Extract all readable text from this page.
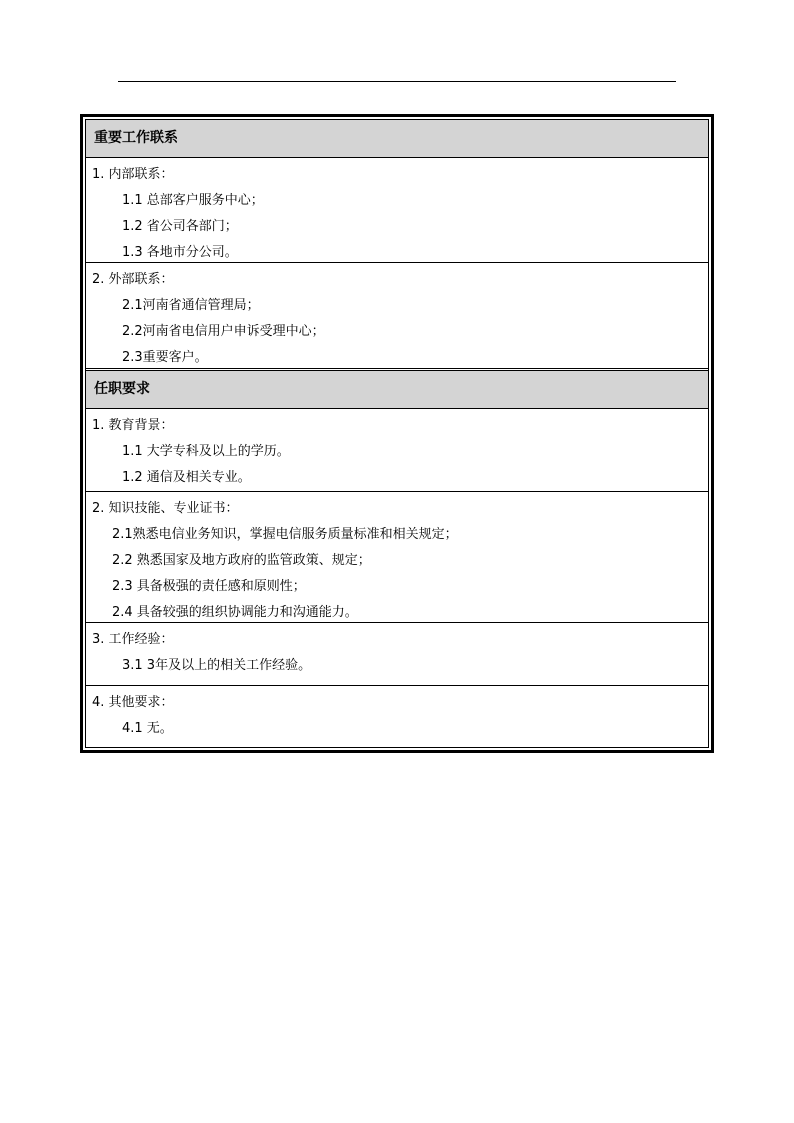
重要工作联系
1. 内部联系：
1.1 总部客户服务中心；
1.2 省公司各部门；
1.3 各地市分公司。
2. 外部联系：
2.1河南省通信管理局；
2.2河南省电信用户申诉受理中心；
2.3重要客户。
任职要求
1. 教育背景：
1.1 大学专科及以上的学历。
1.2 通信及相关专业。
2. 知识技能、专业证书：
2.1熟悉电信业务知识，掌握电信服务质量标准和相关规定；
2.2 熟悉国家及地方政府的监管政策、规定；
2.3 具备极强的责任感和原则性；
2.4 具备较强的组织协调能力和沟通能力。
3. 工作经验：
3.1 3年及以上的相关工作经验。
4. 其他要求：
4.1 无。
